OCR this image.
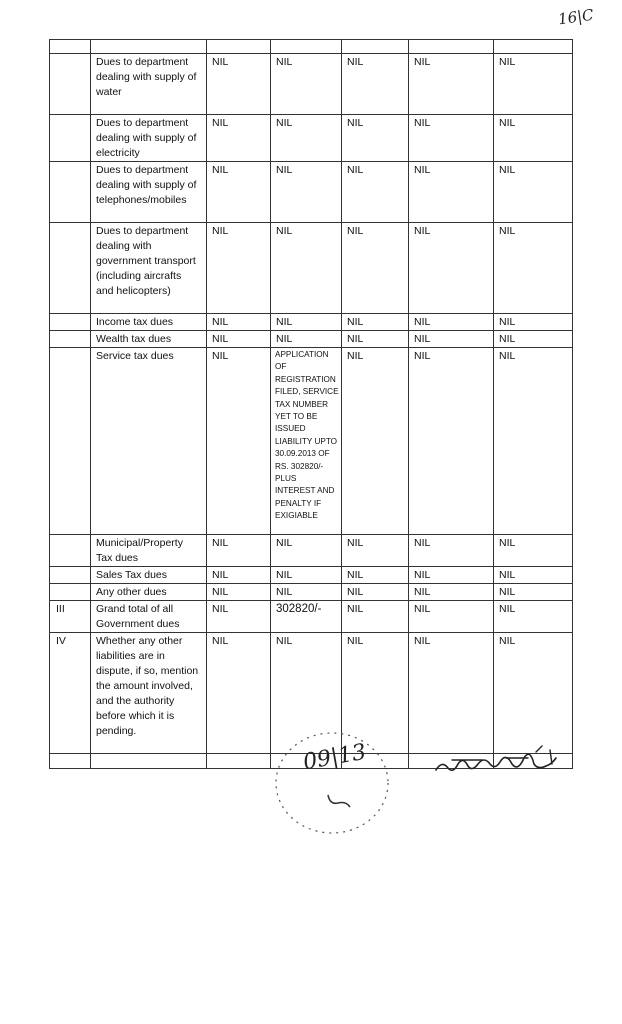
16|C

	Dues to department dealing with supply of water	NIL	NIL	NIL	NIL	NIL
	Dues to department dealing with supply of electricity	NIL	NIL	NIL	NIL	NIL
	Dues to department dealing with supply of telephones/mobiles	NIL	NIL	NIL	NIL	NIL
	Dues to department dealing with government transport (including aircrafts and helicopters)	NIL	NIL	NIL	NIL	NIL
	Income tax dues	NIL	NIL	NIL	NIL	NIL
	Wealth tax dues	NIL	NIL	NIL	NIL	NIL
	Service tax dues	NIL	APPLICATION OF REGISTRATION FILED, SERVICE TAX NUMBER YET TO BE ISSUED LIABILITY UPTO 30.09.2013 OF RS. 302820/- PLUS INTEREST AND PENALTY IF EXIGIABLE	NIL	NIL	NIL
	Municipal/Property Tax dues	NIL	NIL	NIL	NIL	NIL
	Sales Tax dues	NIL	NIL	NIL	NIL	NIL
	Any other dues	NIL	NIL	NIL	NIL	NIL
III	Grand total of all Government dues	NIL	302820/-	NIL	NIL	NIL
IV	Whether any other liabilities are in dispute, if so, mention the amount involved, and the authority before which it is pending.	NIL	NIL	NIL	NIL	NIL

09|13
